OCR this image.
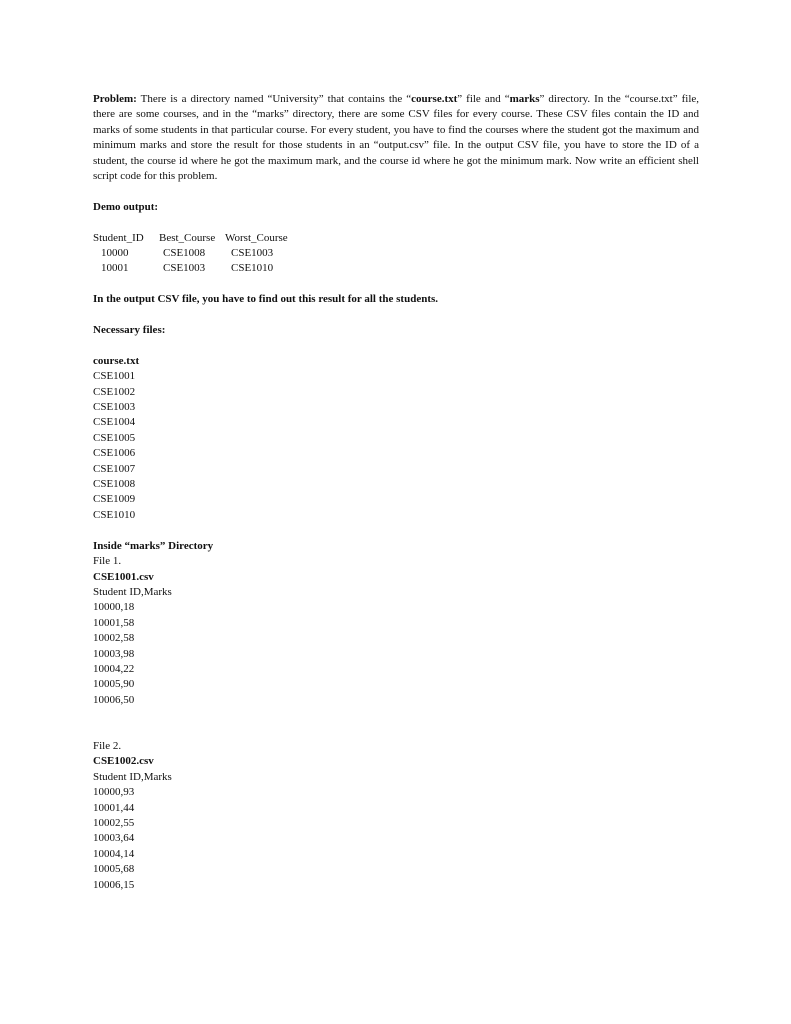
Problem: There is a directory named “University” that contains the “course.txt” file and “marks” directory. In the “course.txt” file, there are some courses, and in the “marks” directory, there are some CSV files for every course. These CSV files contain the ID and marks of some students in that particular course. For every student, you have to find the courses where the student got the maximum and minimum marks and store the result for those students in an “output.csv” file. In the output CSV file, you have to store the ID of a student, the course id where he got the maximum mark, and the course id where he got the minimum mark. Now write an efficient shell script code for this problem.

Demo output:
Student_ID	Best_Course	Worst_Course
10000	CSE1008	CSE1003
10001	CSE1003	CSE1010
In the output CSV file, you have to find out this result for all the students.
Necessary files:
course.txt
CSE1001
CSE1002
CSE1003
CSE1004
CSE1005
CSE1006
CSE1007
CSE1008
CSE1009
CSE1010
Inside “marks” Directory
File 1.
CSE1001.csv
Student ID,Marks
10000,18
10001,58
10002,58
10003,98
10004,22
10005,90
10006,50
File 2.
CSE1002.csv
Student ID,Marks
10000,93
10001,44
10002,55
10003,64
10004,14
10005,68
10006,15
